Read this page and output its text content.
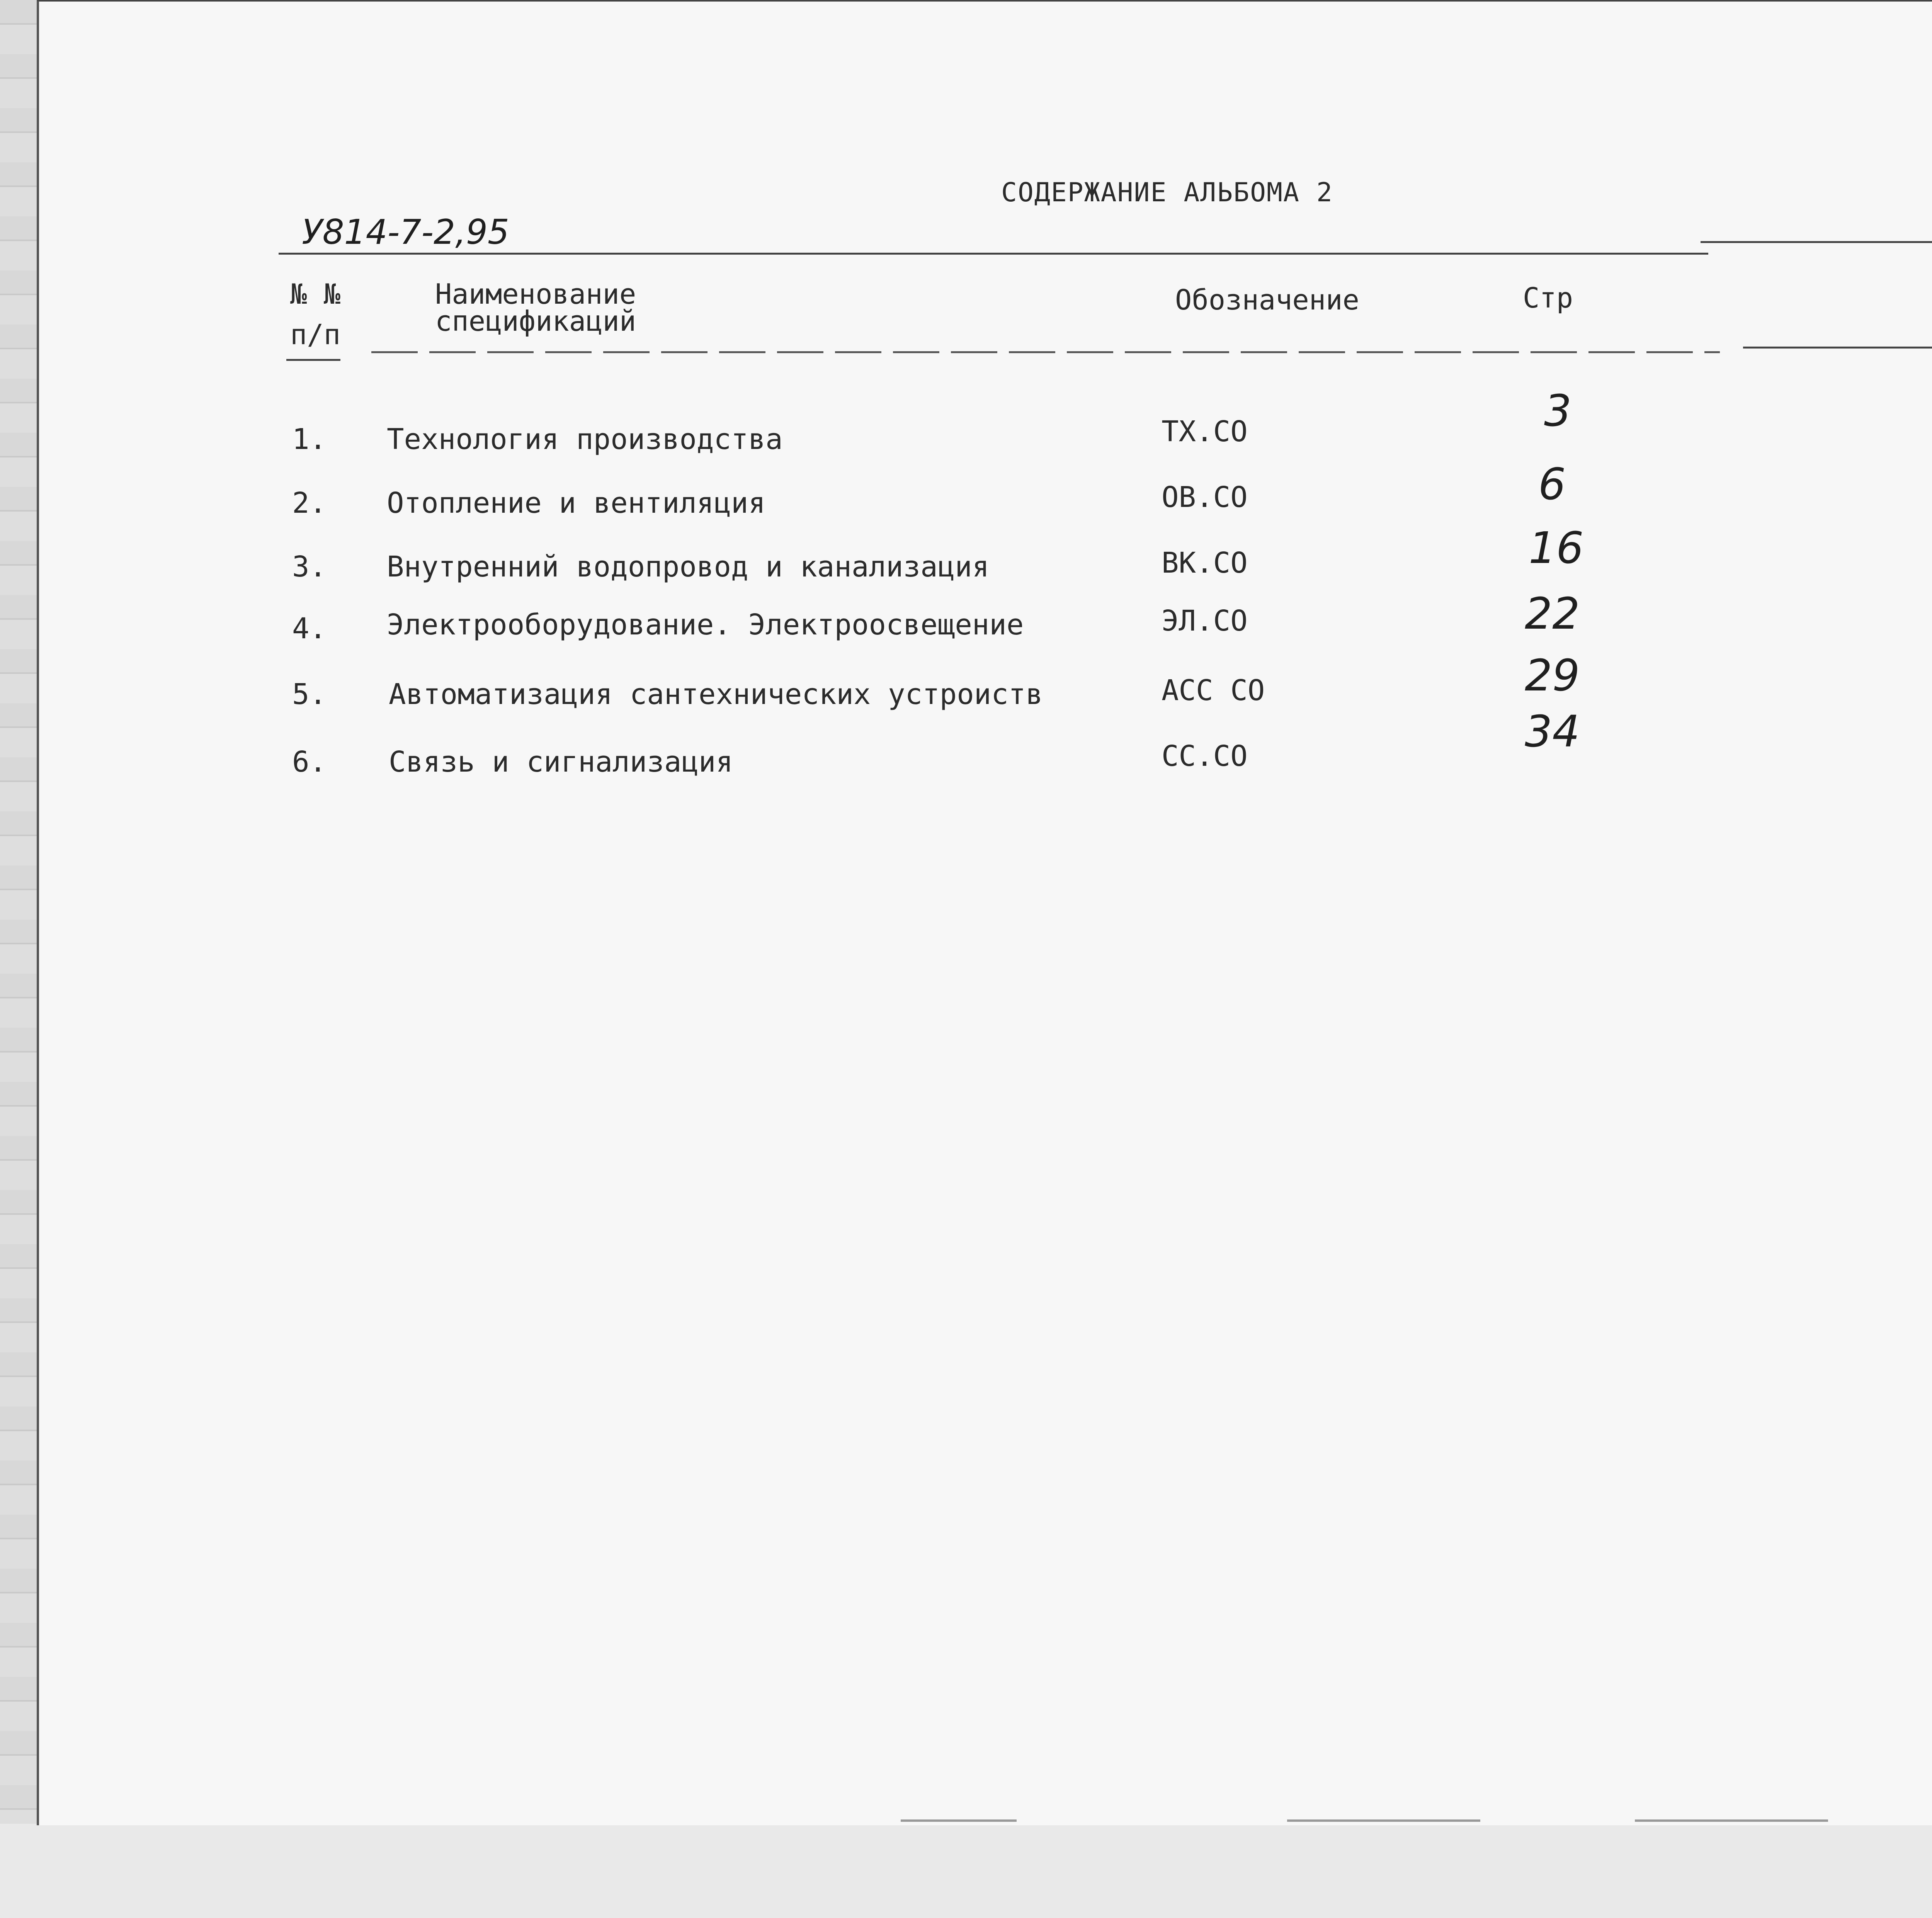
СОДЕРЖАНИЕ АЛЬБОМА 2
У814-7-2,95
№ №
п/п
Наименование
спецификаций
Обозначение	Стр
1. Технология производства	ТХ.СО	3
2. Отопление и вентиляция	ОВ.СО	6
3. Внутренний водопровод и канализация	ВК.СО	16
4. Электрооборудование. Электроосвещение	ЭЛ.СО	22
5. Автоматизация сантехнических устроиств	АСС СО	29
6. Связь и сигнализация	СС.СО	34
